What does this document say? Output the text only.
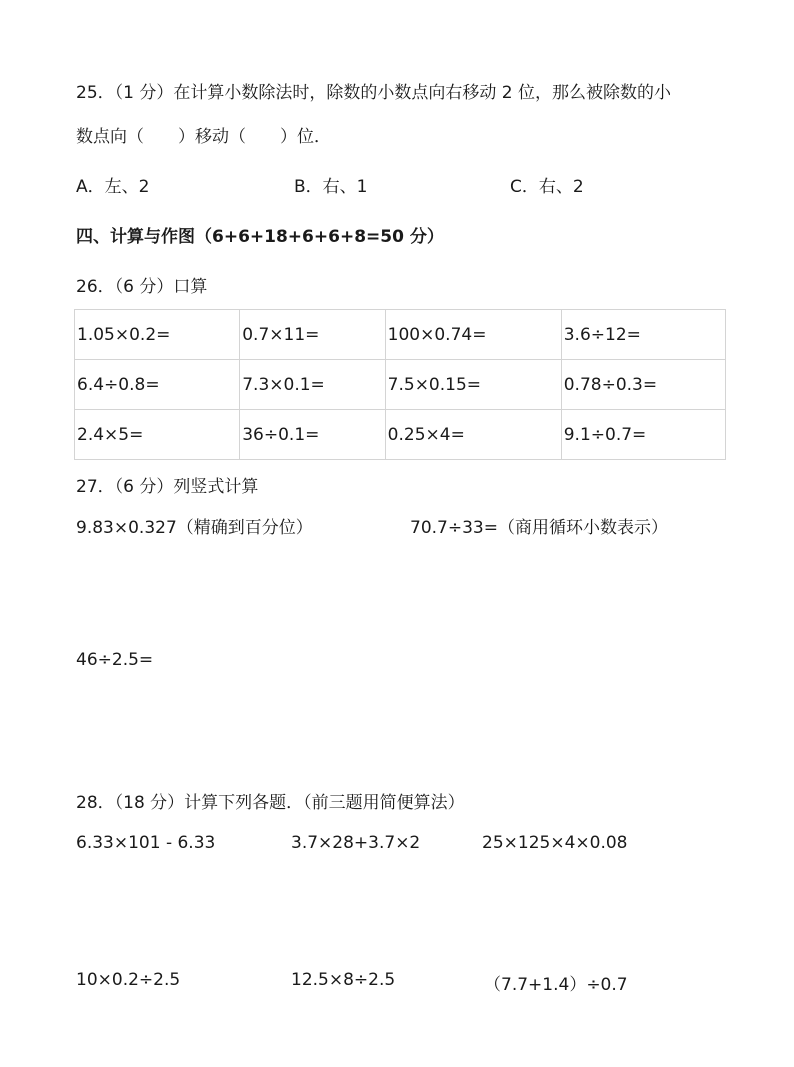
25．（1 分）在计算小数除法时，除数的小数点向右移动 2 位，那么被除数的小
数点向（　　）移动（　　）位．
A．左、2	B．右、1	C．右、2
四、计算与作图（6+6+18+6+6+8=50 分）
26．（6 分）口算
1.05×0.2=	0.7×11=	100×0.74=	3.6÷12=
6.4÷0.8=	7.3×0.1=	7.5×0.15=	0.78÷0.3=
2.4×5=	36÷0.1=	0.25×4=	9.1÷0.7=
27．（6 分）列竖式计算
9.83×0.327（精确到百分位）	70.7÷33=（商用循环小数表示）
46÷2.5=
28．（18 分）计算下列各题．（前三题用简便算法）
6.33×101 - 6.33	3.7×28+3.7×2	25×125×4×0.08
10×0.2÷2.5	12.5×8÷2.5	（7.7+1.4）÷0.7
